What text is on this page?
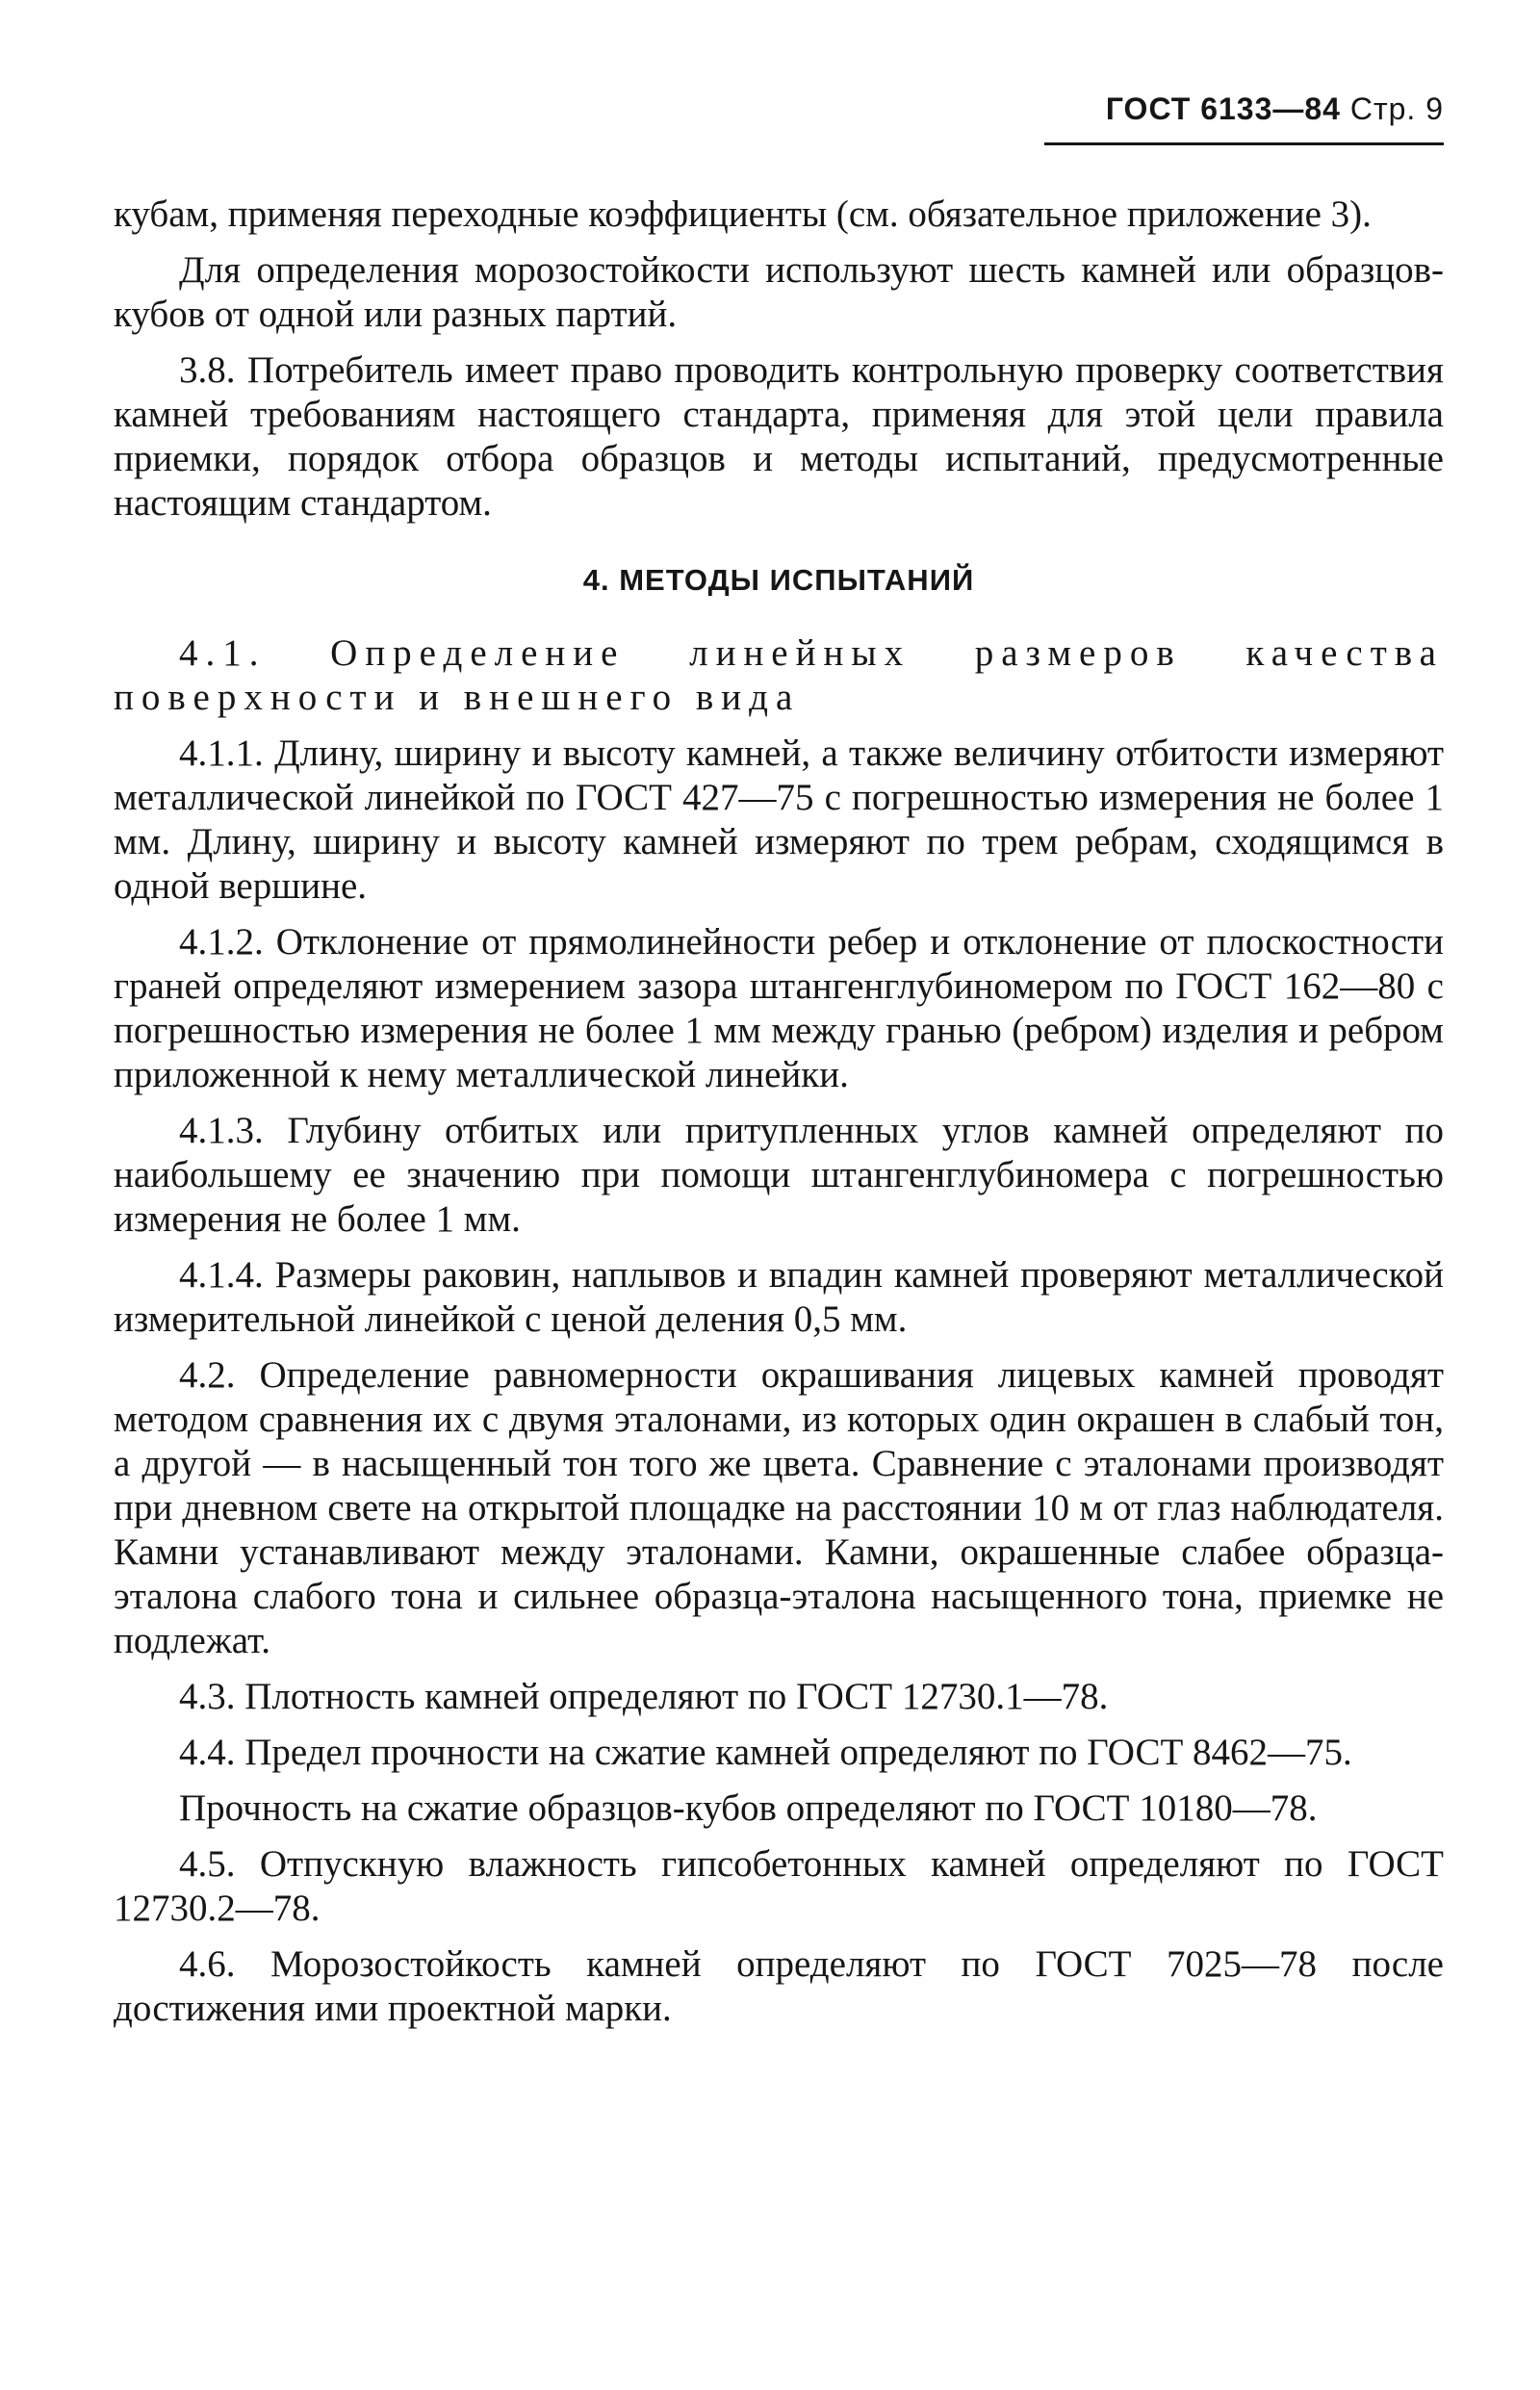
ГОСТ 6133—84 Стр. 9

кубам, применяя переходные коэффициенты (см. обязательное приложение 3).

Для определения морозостойкости используют шесть камней или образцов-кубов от одной или разных партий.

3.8. Потребитель имеет право проводить контрольную проверку соответствия камней требованиям настоящего стандарта, применяя для этой цели правила приемки, порядок отбора образцов и методы испытаний, предусмотренные настоящим стандартом.

4. МЕТОДЫ ИСПЫТАНИЙ

4.1. Определение линейных размеров качества поверхности и внешнего вида

4.1.1. Длину, ширину и высоту камней, а также величину отбитости измеряют металлической линейкой по ГОСТ 427—75 с погрешностью измерения не более 1 мм. Длину, ширину и высоту камней измеряют по трем ребрам, сходящимся в одной вершине.

4.1.2. Отклонение от прямолинейности ребер и отклонение от плоскостности граней определяют измерением зазора штангенглубиномером по ГОСТ 162—80 с погрешностью измерения не более 1 мм между гранью (ребром) изделия и ребром приложенной к нему металлической линейки.

4.1.3. Глубину отбитых или притупленных углов камней определяют по наибольшему ее значению при помощи штангенглубиномера с погрешностью измерения не более 1 мм.

4.1.4. Размеры раковин, наплывов и впадин камней проверяют металлической измерительной линейкой с ценой деления 0,5 мм.

4.2. Определение равномерности окрашивания лицевых камней проводят методом сравнения их с двумя эталонами, из которых один окрашен в слабый тон, а другой — в насыщенный тон того же цвета. Сравнение с эталонами производят при дневном свете на открытой площадке на расстоянии 10 м от глаз наблюдателя. Камни устанавливают между эталонами. Камни, окрашенные слабее образца-эталона слабого тона и сильнее образца-эталона насыщенного тона, приемке не подлежат.

4.3. Плотность камней определяют по ГОСТ 12730.1—78.

4.4. Предел прочности на сжатие камней определяют по ГОСТ 8462—75.

Прочность на сжатие образцов-кубов определяют по ГОСТ 10180—78.

4.5. Отпускную влажность гипсобетонных камней определяют по ГОСТ 12730.2—78.

4.6. Морозостойкость камней определяют по ГОСТ 7025—78 после достижения ими проектной марки.
